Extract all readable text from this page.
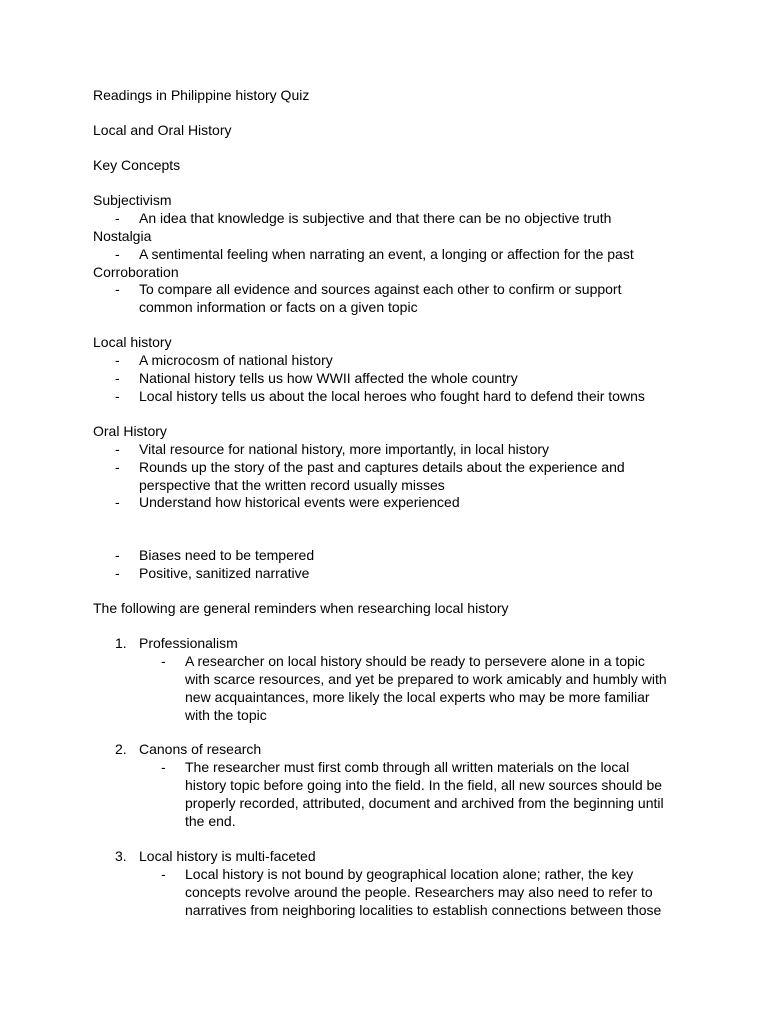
Readings in Philippine history Quiz
Local and Oral History
Key Concepts
Subjectivism
- An idea that knowledge is subjective and that there can be no objective truth
Nostalgia
- A sentimental feeling when narrating an event, a longing or affection for the past
Corroboration
- To compare all evidence and sources against each other to confirm or support
common information or facts on a given topic
Local history
- A microcosm of national history
- National history tells us how WWII affected the whole country
- Local history tells us about the local heroes who fought hard to defend their towns
Oral History
- Vital resource for national history, more importantly, in local history
- Rounds up the story of the past and captures details about the experience and
perspective that the written record usually misses
- Understand how historical events were experienced
- Biases need to be tempered
- Positive, sanitized narrative
The following are general reminders when researching local history
1. Professionalism
- A researcher on local history should be ready to persevere alone in a topic
with scarce resources, and yet be prepared to work amicably and humbly with
new acquaintances, more likely the local experts who may be more familiar
with the topic
2. Canons of research
- The researcher must first comb through all written materials on the local
history topic before going into the field. In the field, all new sources should be
properly recorded, attributed, document and archived from the beginning until
the end.
3. Local history is multi-faceted
- Local history is not bound by geographical location alone; rather, the key
concepts revolve around the people. Researchers may also need to refer to
narratives from neighboring localities to establish connections between those
